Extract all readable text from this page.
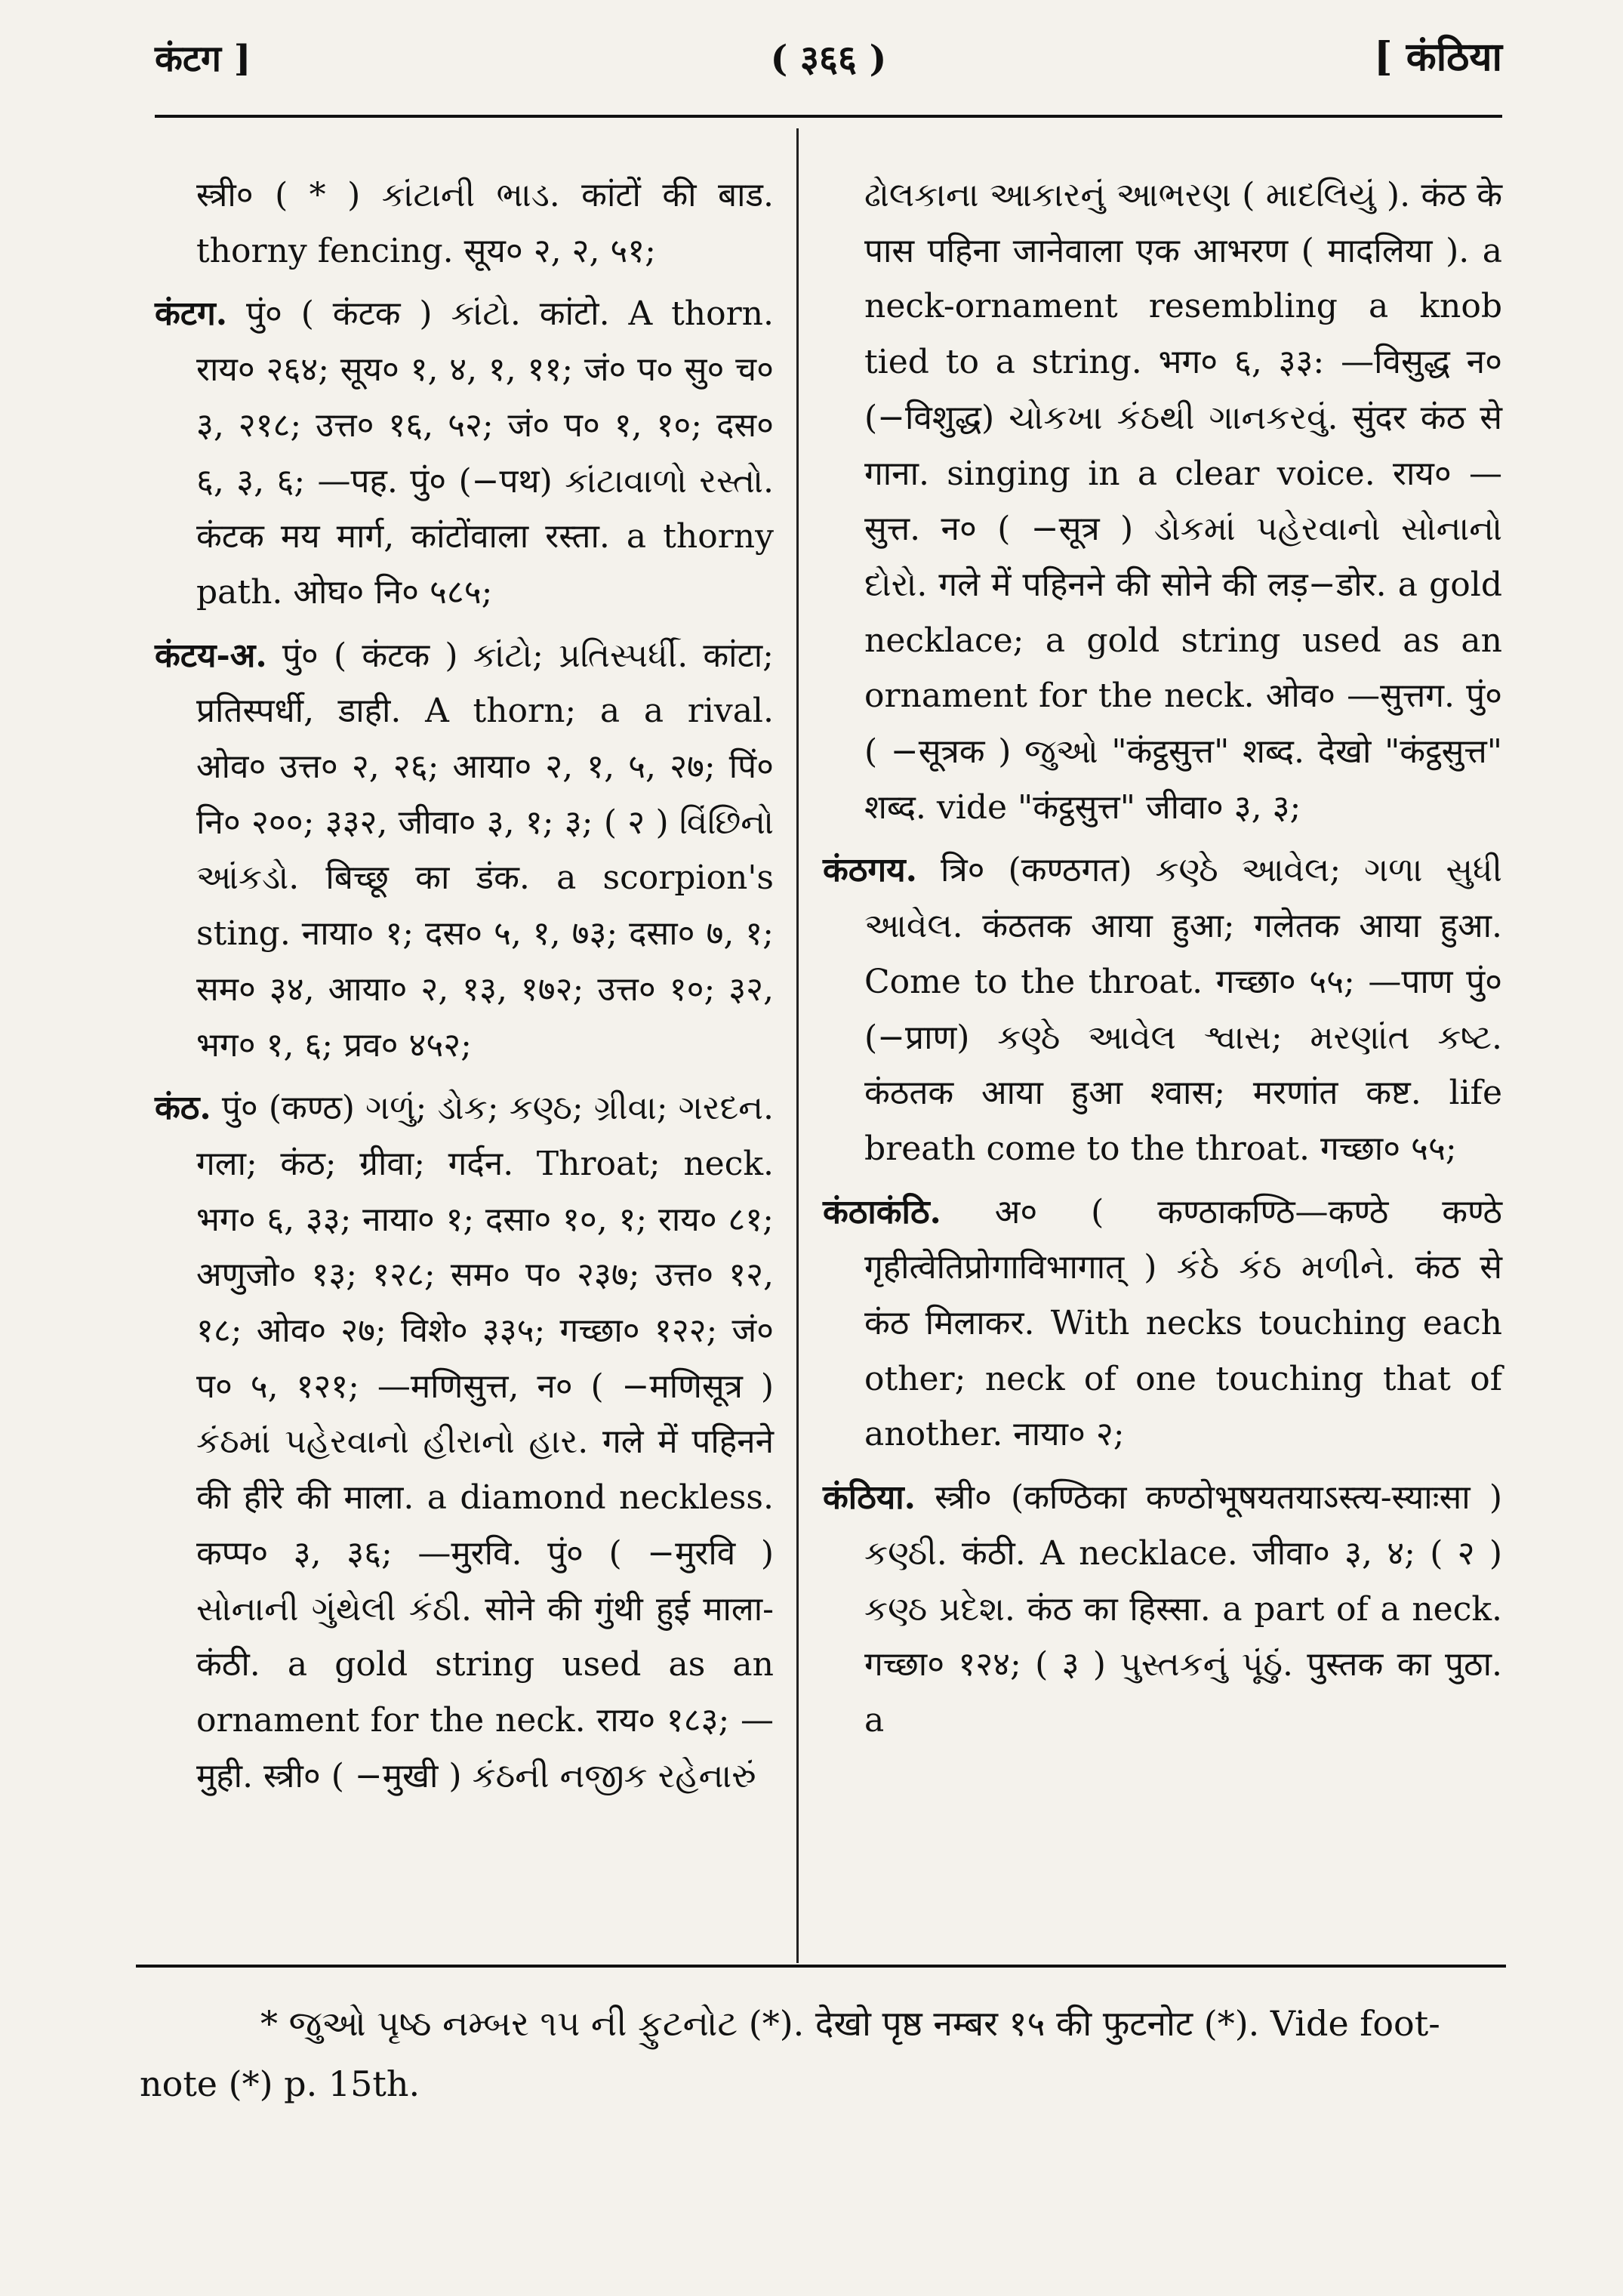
कंटग ]	( ३६६ )	[ कंठिया

स्त्री० ( * ) કાંટાની ભાડ. कांटों की बाड. thorny fencing. सूय० २, २, ५१;

कंटग. पुं० ( कंटक ) કાંટો. कांटो. A thorn. राय० २६४; सूय० १, ४, १, ११; जं० प० सु० च० ३, २१८; उत्त० १६, ५२; जं० प० १, १०; दस० ६, ३, ६; —पह. पुं० (−पथ) કાંટાવાળો રસ્તો. कंटक मय मार्ग, कांटोंवाला रस्ता. a thorny path. ओघ० नि० ५८५;

कंटय-अ. पुं० ( कंटक ) કાંટો; પ્રતિસ્પર્ધી. कांटा; प्रतिस्पर्धी, डाही. A thorn; a a rival. ओव० उत्त० २, २६; आया० २, १, ५, २७; पिं० नि० २००; ३३२, जीवा० ३, १; ३; ( २ ) વિંછિનો આંકડો. बिच्छू का डंक. a scorpion's sting. नाया० १; दस० ५, १, ७३; दसा० ७, १; सम० ३४, आया० २, १३, १७२; उत्त० १०; ३२, भग० १, ६; प्रव० ४५२;

कंठ. पुं० (कण्ठ) ગળું; ડોક; કણ્ઠ; ગ્રીવા; ગરદન. गला; कंठ; ग्रीवा; गर्दन. Throat; neck. भग० ६, ३३; नाया० १; दसा० १०, १; राय० ८१; अणुजो० १३; १२८; सम० प० २३७; उत्त० १२, १८; ओव० २७; विशे० ३३५; गच्छा० १२२; जं० प० ५, १२१; —मणिसुत्त, न० ( −मणिसूत्र ) કંઠમાં પહેરવાનો હીરાનો હાર. गले में पहिनने की हीरे की माला. a diamond neckless. कप्प० ३, ३६; —मुरवि. पुं० ( −मुरवि ) સોનાની ગુંથેલી કંઠી. सोने की गुंथी हुई माला-कंठी. a gold string used as an ornament for the neck. राय० १८३; —मुही. स्त्री० ( −मुखी ) કંઠની નજીક રહેનારું

ઢોલકાના આકારનું આભરણ ( માદલિયું ). कंठ के पास पहिना जानेवाला एक आभरण ( मादलिया ). a neck-ornament resembling a knob tied to a string. भग० ६, ३३: —विसुद्ध न० (−विशुद्ध) ચોકખા કંઠથી ગાનકરવું. सुंदर कंठ से गाना. singing in a clear voice. राय० —सुत्त. न० ( −सूत्र ) ડોકમાં પહેરવાનો સોનાનો દોરો. गले में पहिनने की सोने की लड़−डोर. a gold necklace; a gold string used as an ornament for the neck. ओव० —सुत्तग. पुं० ( −सूत्रक ) જુઓ "कंट्ठसुत्त" शब्द. देखो "कंट्ठसुत्त" शब्द. vide "कंट्ठसुत्त" जीवा० ३, ३;

कंठगय. त्रि० (कण्ठगत) કણ્ઠે આવેલ; ગળા સુધી આવેલ. कंठतक आया हुआ; गलेतक आया हुआ. Come to the throat. गच्छा० ५५; —पाण पुं० (−प्राण) કણ્ઠે આવેલ શ્વાસ; મરણાંત કષ્ટ. कंठतक आया हुआ श्वास; मरणांत कष्ट. life breath come to the throat. गच्छा० ५५;

कंठाकंठि. अ० ( कण्ठाकण्ठि—कण्ठे कण्ठे गृहीत्वेतिप्रोगाविभागात् ) કંઠે કંઠ મળીને. कंठ से कंठ मिलाकर. With necks touching each other; neck of one touching that of another. नाया० २;

कंठिया. स्त्री० (कण्ठिका कण्ठोभूषयतयाऽस्त्य-स्याःसा ) કણ્ઠી. कंठी. A necklace. जीवा० ३, ४; ( २ ) કણ્ઠ પ્રદેશ. कंठ का हिस्सा. a part of a neck. गच्छा० १२४; ( ३ ) પુસ્તકનું પૂંઠું. पुस्तक का पुठा. a

* જુઓ પૃષ્ઠ નમ્બર ૧૫ ની ફુટનોટ (*). देखो पृष्ठ नम्बर १५ की फुटनोट (*). Vide foot-note (*) p. 15th.
